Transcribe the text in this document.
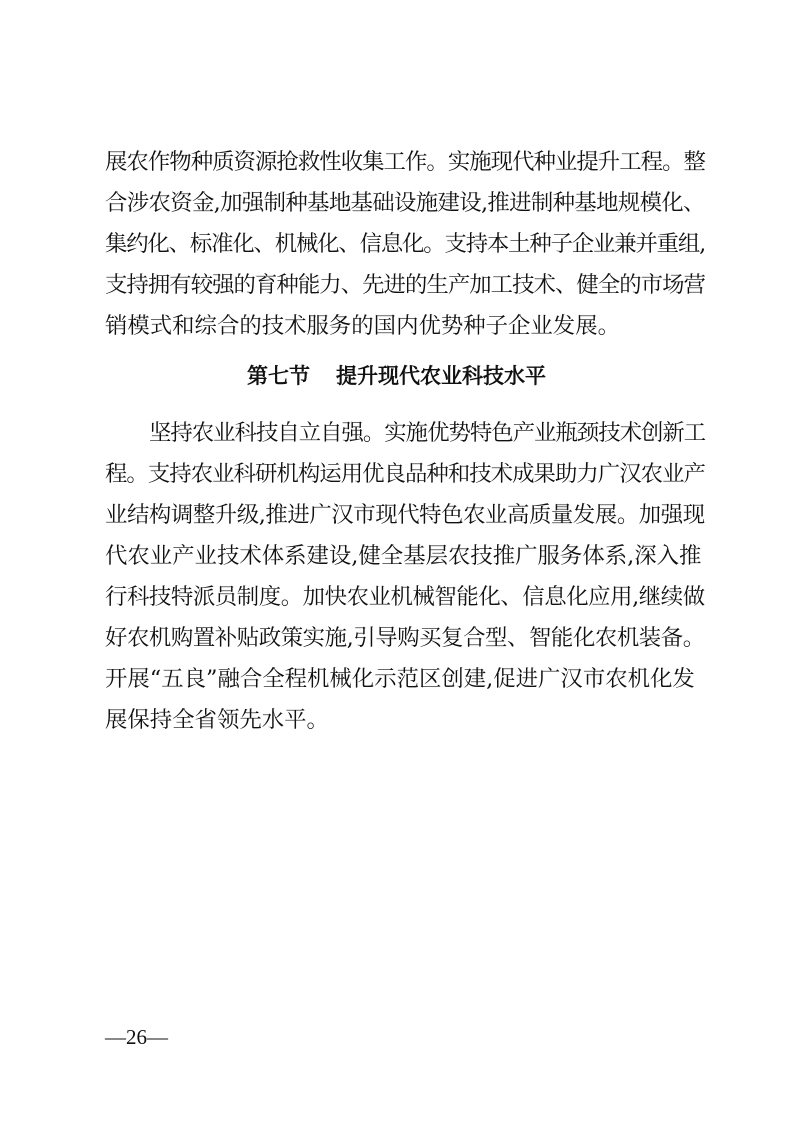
展农作物种质资源抢救性收集工作。实施现代种业提升工程。整
合涉农资金,加强制种基地基础设施建设,推进制种基地规模化、
集约化、标准化、机械化、信息化。支持本土种子企业兼并重组,
支持拥有较强的育种能力、先进的生产加工技术、健全的市场营
销模式和综合的技术服务的国内优势种子企业发展。
第七节 提升现代农业科技水平
坚持农业科技自立自强。实施优势特色产业瓶颈技术创新工
程。支持农业科研机构运用优良品种和技术成果助力广汉农业产
业结构调整升级,推进广汉市现代特色农业高质量发展。加强现
代农业产业技术体系建设,健全基层农技推广服务体系,深入推
行科技特派员制度。加快农业机械智能化、信息化应用,继续做
好农机购置补贴政策实施,引导购买复合型、智能化农机装备。
开展“五良”融合全程机械化示范区创建,促进广汉市农机化发
展保持全省领先水平。
—26—
